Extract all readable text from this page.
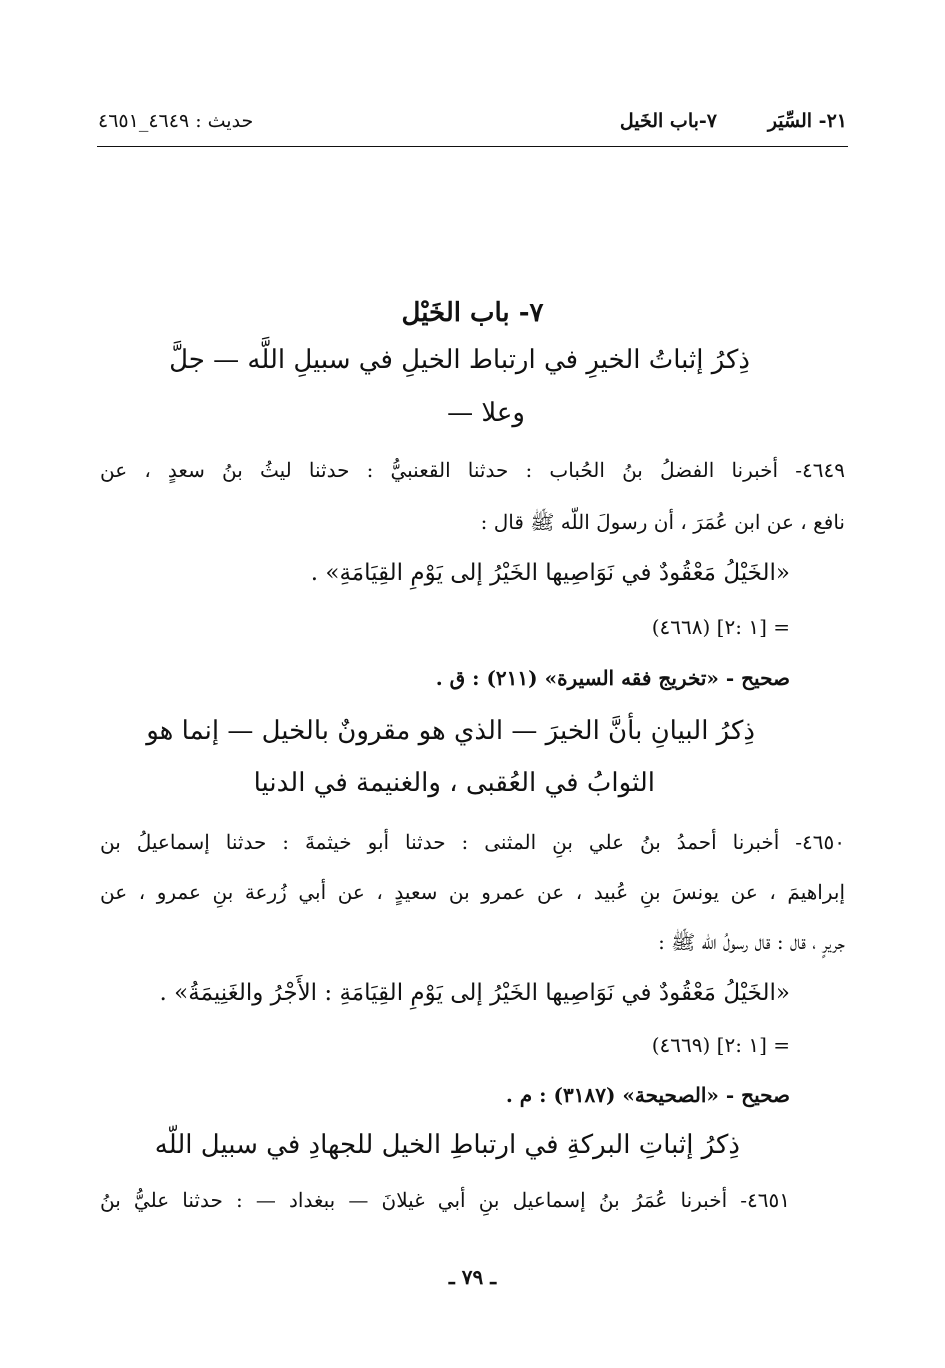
٢١- السِّيَر
٧-باب الخَيل
حديث : ٤٦٤٩_٤٦٥١
٧- باب الخَيْل
ذِكرُ إثباتُ الخيرِ في ارتباط الخيلِ في سبيلِ اللَّه — جلَّ
وعلا —
٤٦٤٩- أخبرنا الفضلُ بنُ الحُباب : حدثنا القعنبيُّ : حدثنا ليثُ بنُ سعدٍ ، عن
نافع ، عن ابن عُمَرَ ، أن رسولَ اللّه ﷺ قال :
«الخَيْلُ مَعْقُودٌ في نَوَاصِيها الخَيْرُ إلى يَوْمِ القِيَامَةِ» .
= [١ :٢] (٤٦٦٨)
صحيح - «تخريج فقه السيرة» (٢١١) : ق .
ذِكرُ البيانِ بأنَّ الخيرَ — الذي هو مقرونٌ بالخيل — إنما هو
الثوابُ في العُقبى ، والغنيمة في الدنيا
٤٦٥٠- أخبرنا أحمدُ بنُ علي بنِ المثنى : حدثنا أبو خيثمةَ : حدثنا إسماعيلُ بن
إبراهيمَ ، عن يونسَ بنِ عُبيد ، عن عمرو بن سعيدٍ ، عن أبي زُرعة بنِ عمرو ، عن
جريرٍ ، قال : قال رسولُ اللّه ﷺ :
«الخَيْلُ مَعْقُودٌ في نَوَاصِيها الخَيْرُ إلى يَوْمِ القِيَامَةِ : الأَجْرُ والغَنِيمَةُ» .
= [١ :٢] (٤٦٦٩)
صحيح - «الصحيحة» (٣١٨٧) : م .
ذِكرُ إثباتِ البركةِ في ارتباطِ الخيل للجهادِ في سبيل اللّه
٤٦٥١- أخبرنا عُمَرُ بنُ إسماعيل بنِ أبي غيلانَ — ببغداد — : حدثنا عليُّ بنُ
ـ ٧٩ ـ
